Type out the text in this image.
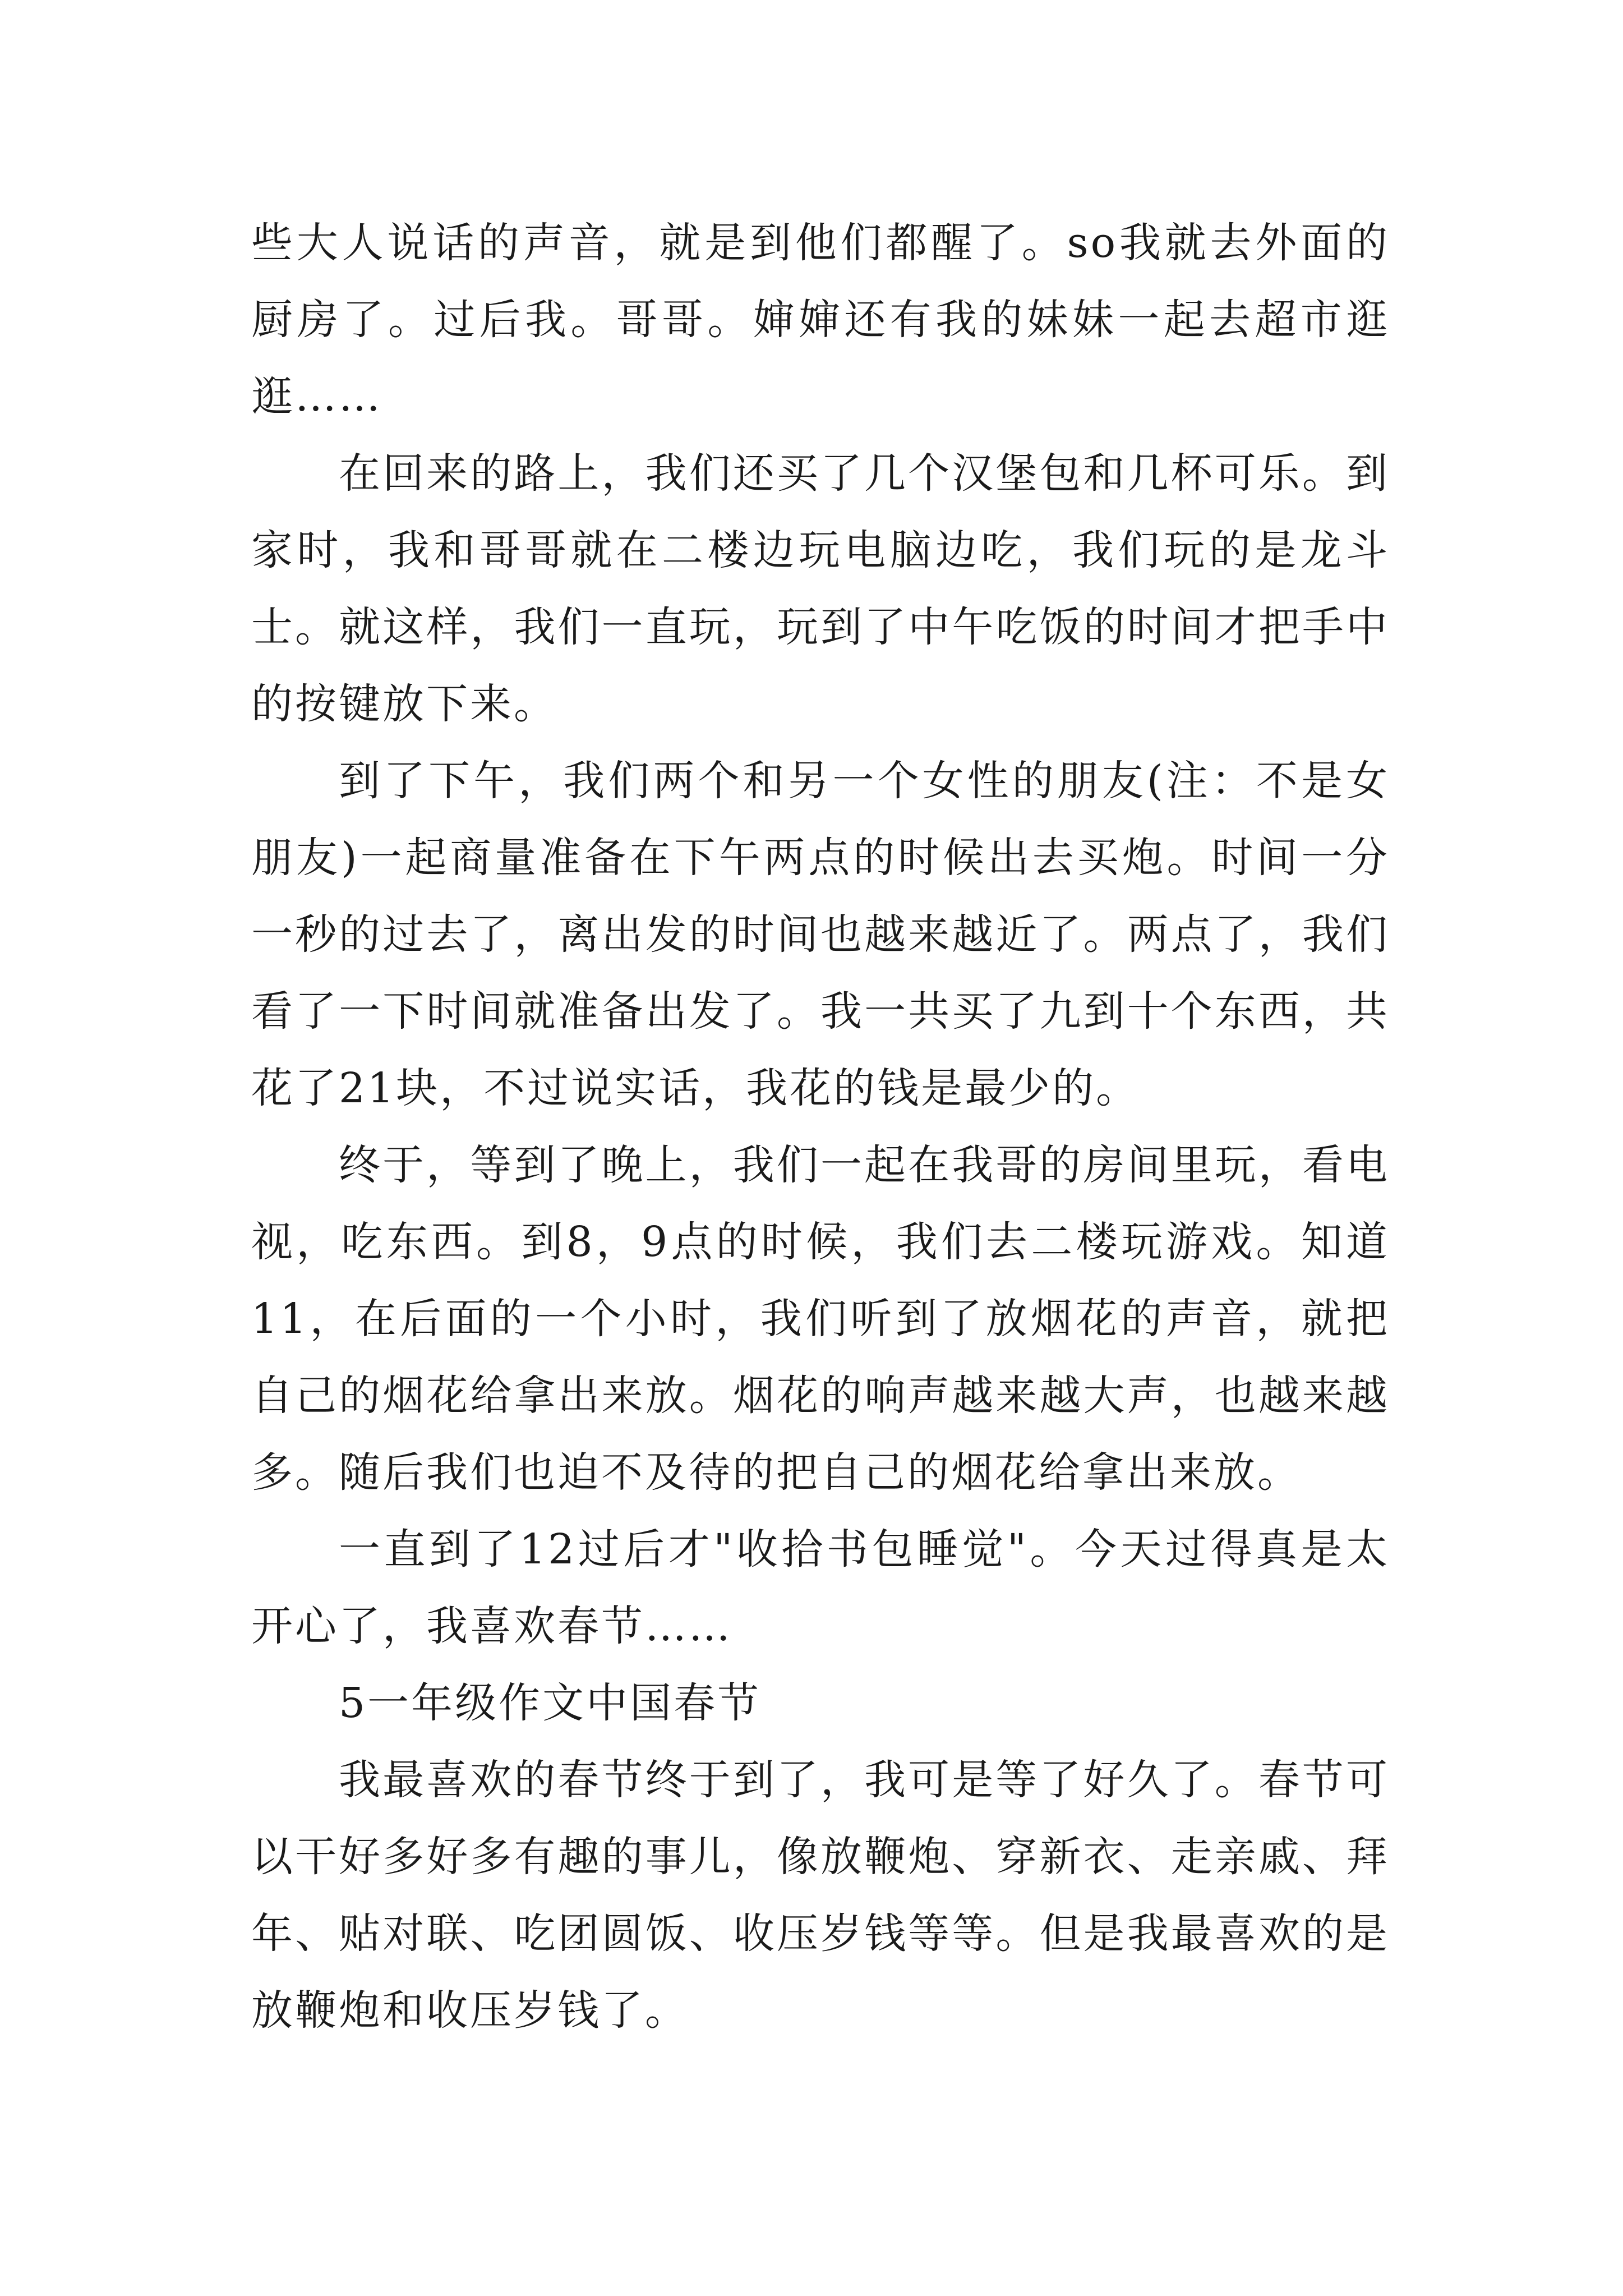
些大人说话的声音，就是到他们都醒了。so我就去外面的厨房了。过后我。哥哥。婶婶还有我的妹妹一起去超市逛逛……

在回来的路上，我们还买了几个汉堡包和几杯可乐。到家时，我和哥哥就在二楼边玩电脑边吃，我们玩的是龙斗士。就这样，我们一直玩，玩到了中午吃饭的时间才把手中的按键放下来。

到了下午，我们两个和另一个女性的朋友(注：不是女朋友)一起商量准备在下午两点的时候出去买炮。时间一分一秒的过去了，离出发的时间也越来越近了。两点了，我们看了一下时间就准备出发了。我一共买了九到十个东西，共花了21块，不过说实话，我花的钱是最少的。

终于，等到了晚上，我们一起在我哥的房间里玩，看电视，吃东西。到8，9点的时候，我们去二楼玩游戏。知道11，在后面的一个小时，我们听到了放烟花的声音，就把自己的烟花给拿出来放。烟花的响声越来越大声，也越来越多。随后我们也迫不及待的把自己的烟花给拿出来放。

一直到了12过后才"收拾书包睡觉"。今天过得真是太开心了，我喜欢春节……

5一年级作文中国春节

我最喜欢的春节终于到了，我可是等了好久了。春节可以干好多好多有趣的事儿，像放鞭炮、穿新衣、走亲戚、拜年、贴对联、吃团圆饭、收压岁钱等等。但是我最喜欢的是放鞭炮和收压岁钱了。
